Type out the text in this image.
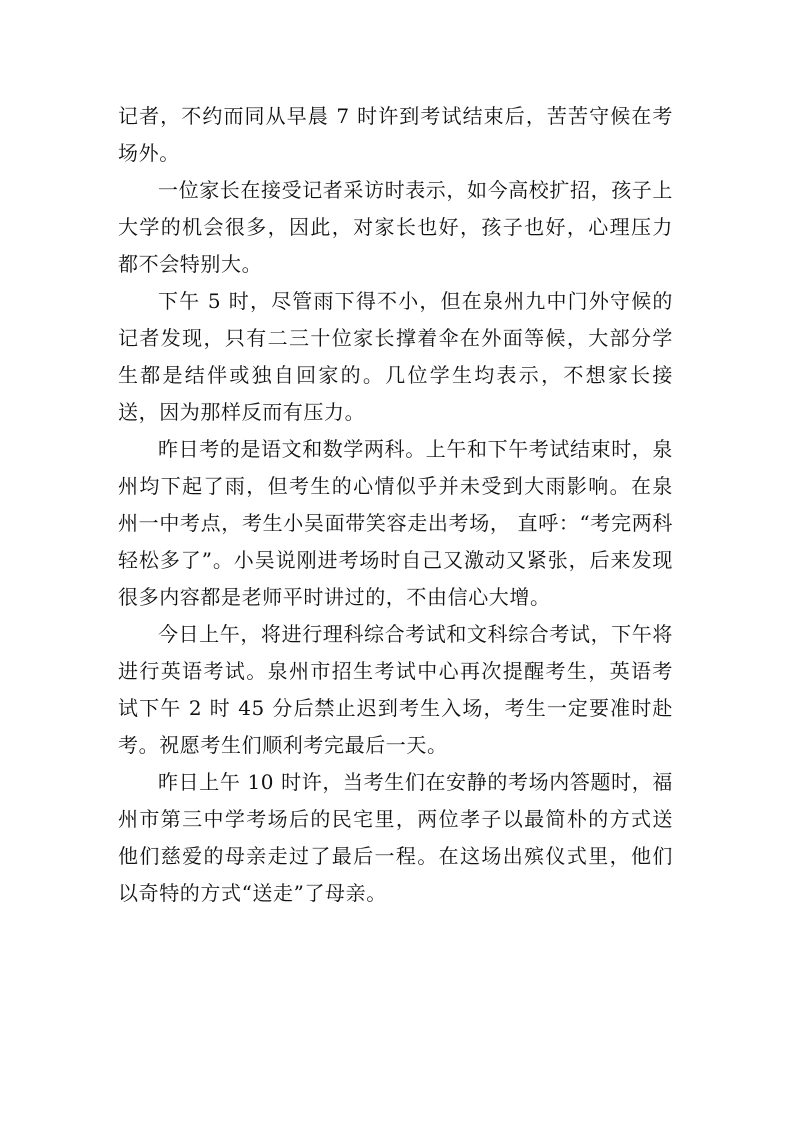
记者，不约而同从早晨 7 时许到考试结束后，苦苦守候在考场外。

一位家长在接受记者采访时表示，如今高校扩招，孩子上大学的机会很多，因此，对家长也好，孩子也好，心理压力都不会特别大。

下午 5 时，尽管雨下得不小，但在泉州九中门外守候的记者发现，只有二三十位家长撑着伞在外面等候，大部分学生都是结伴或独自回家的。几位学生均表示，不想家长接送，因为那样反而有压力。

昨日考的是语文和数学两科。上午和下午考试结束时，泉州均下起了雨，但考生的心情似乎并未受到大雨影响。在泉州一中考点，考生小吴面带笑容走出考场， 直呼：“考完两科轻松多了”。小吴说刚进考场时自己又激动又紧张，后来发现很多内容都是老师平时讲过的，不由信心大增。

今日上午，将进行理科综合考试和文科综合考试，下午将进行英语考试。泉州市招生考试中心再次提醒考生，英语考试下午 2 时 45 分后禁止迟到考生入场，考生一定要准时赴考。祝愿考生们顺利考完最后一天。

昨日上午 10 时许，当考生们在安静的考场内答题时，福州市第三中学考场后的民宅里，两位孝子以最简朴的方式送他们慈爱的母亲走过了最后一程。在这场出殡仪式里，他们以奇特的方式“送走”了母亲。
